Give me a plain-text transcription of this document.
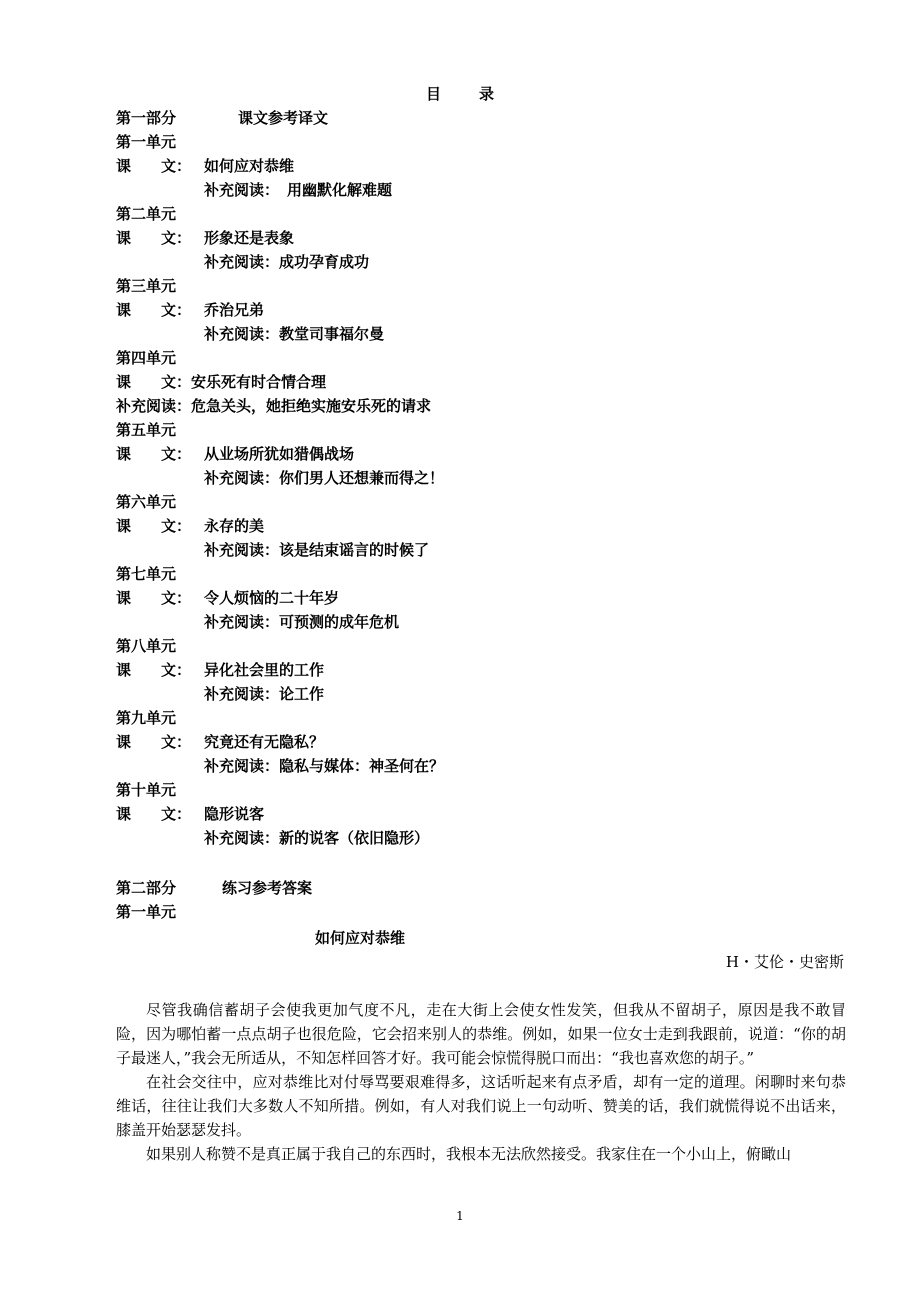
目	录
第一部分	课文参考译文
第一单元
课　　文： 如何应对恭维
补充阅读： 用幽默化解难题
第二单元
课　　文： 形象还是表象
补充阅读：成功孕育成功
第三单元
课　　文： 乔治兄弟
补充阅读：教堂司事福尔曼
第四单元
课　　文：安乐死有时合情合理
补充阅读：危急关头，她拒绝实施安乐死的请求
第五单元
课　　文： 从业场所犹如猎偶战场
补充阅读：你们男人还想兼而得之！
第六单元
课　　文： 永存的美
补充阅读：该是结束谣言的时候了
第七单元
课　　文： 令人烦恼的二十年岁
补充阅读：可预测的成年危机
第八单元
课　　文： 异化社会里的工作
补充阅读：论工作
第九单元
课　　文： 究竟还有无隐私？
补充阅读：隐私与媒体：神圣何在？
第十单元
课　　文： 隐形说客
补充阅读：新的说客（依旧隐形）
第二部分	练习参考答案
第一单元
如何应对恭维
H・艾伦・史密斯

尽管我确信蓄胡子会使我更加气度不凡，走在大街上会使女性发笑，但我从不留胡子，原因是我不敢冒险，因为哪怕蓄一点点胡子也很危险，它会招来别人的恭维。例如，如果一位女士走到我跟前，说道：“你的胡子最迷人，”我会无所适从，不知怎样回答才好。我可能会惊慌得脱口而出：“我也喜欢您的胡子。”

在社会交往中，应对恭维比对付辱骂要艰难得多，这话听起来有点矛盾，却有一定的道理。闲聊时来句恭维话，往往让我们大多数人不知所措。例如，有人对我们说上一句动听、赞美的话，我们就慌得说不出话来，膝盖开始瑟瑟发抖。

如果别人称赞不是真正属于我自己的东西时，我根本无法欣然接受。我家住在一个小山上，俯瞰山

1
